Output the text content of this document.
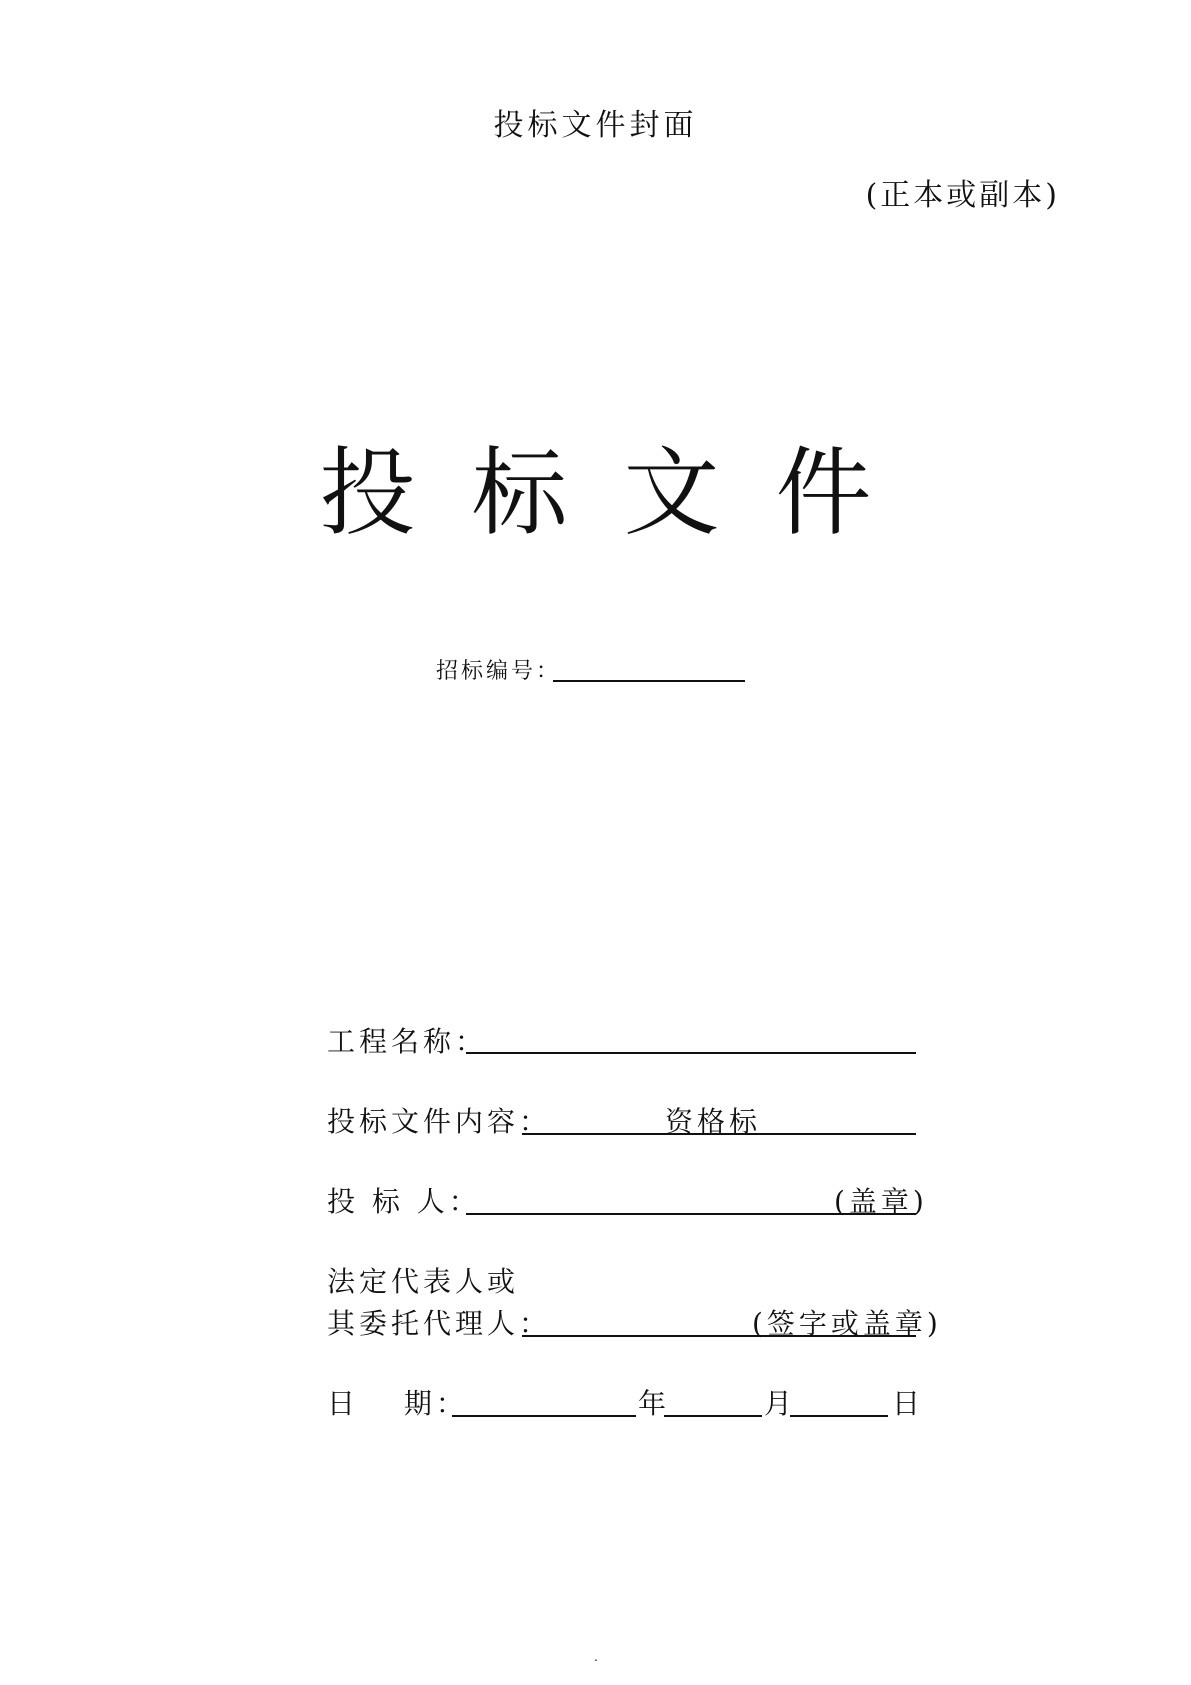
投标文件封面
(正本或副本)
投 标 文 件
招标编号：
工程名称：
投标文件内容：	资格标
投 标 人：	(盖章)
法定代表人或
其委托代理人：	(签字或盖章)
日　 期：	年	月	日
.
